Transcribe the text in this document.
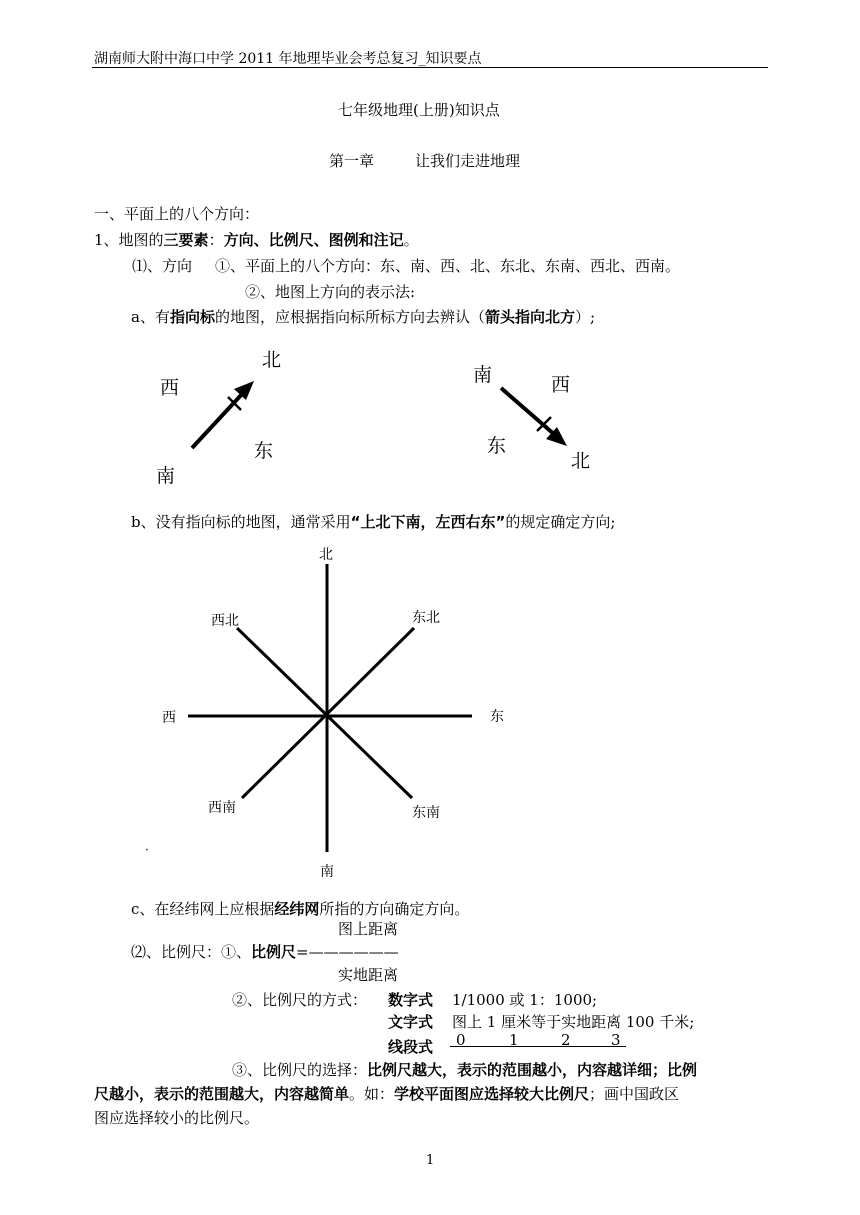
湖南师大附中海口中学 2011 年地理毕业会考总复习_知识要点
七年级地理(上册)知识点
第一章	让我们走进地理
一、平面上的八个方向：
1、地图的三要素：方向、比例尺、图例和注记。
⑴、方向 ①、平面上的八个方向：东、南、西、北、东北、东南、西北、西南。
②、地图上方向的表示法:
a、有指向标的地图，应根据指向标所标方向去辨认（箭头指向北方）;
北
西
东
南
南	西
东
北
b、没有指向标的地图，通常采用“上北下南，左西右东”的规定确定方向;
北
东北
东
东南
南
西南
西
西北
·
c、在经纬网上应根据经纬网所指的方向确定方向。
图上距离
⑵、比例尺：①、比例尺=——————
实地距离
②、比例尺的方式： 数字式 1/1000 或 1：1000;
文字式 图上 1 厘米等于实地距离 100 千米;
线段式 0	1	2	3
③、比例尺的选择：比例尺越大，表示的范围越小，内容越详细；比例
尺越小，表示的范围越大，内容越简单。如：学校平面图应选择较大比例尺；画中国政区
图应选择较小的比例尺。
1
